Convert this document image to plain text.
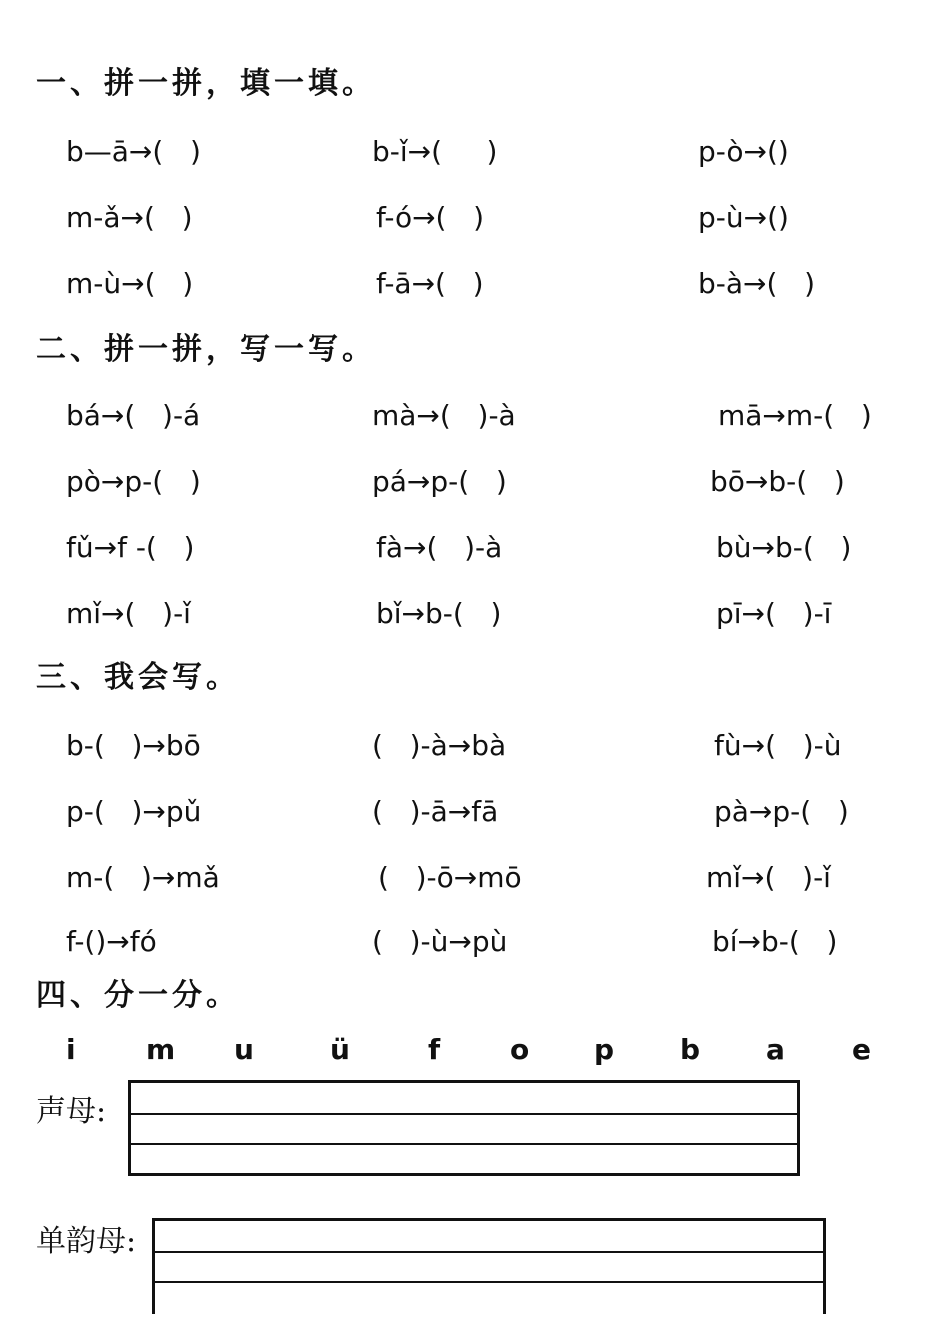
一、拼一拼，填一填。
b—ā→(   )	b-ǐ→(     )	p-ò→()
m-ǎ→(   )	f-ó→(   )	p-ù→()
m-ù→(   )	f-ā→(   )	b-à→(   )
二、拼一拼，写一写。
bá→(   )-á	mà→(   )-à	mā→m-(   )
pò→p-(   )	pá→p-(   )	bō→b-(   )
fǔ→f -(   )	fà→(   )-à	bù→b-(   )
mǐ→(   )-ǐ	bǐ→b-(   )	pī→(   )-ī
三、我会写。
b-(   )→bō	(   )-à→bà	fù→(   )-ù
p-(   )→pǔ	(   )-ā→fā	pà→p-(   )
m-(   )→mǎ	(   )-ō→mō	mǐ→(   )-ǐ
f-()→fó	(   )-ù→pù	bí→b-(   )
四、分一分。
i	m u	ü	f o p b a e
声母:
单韵母:
